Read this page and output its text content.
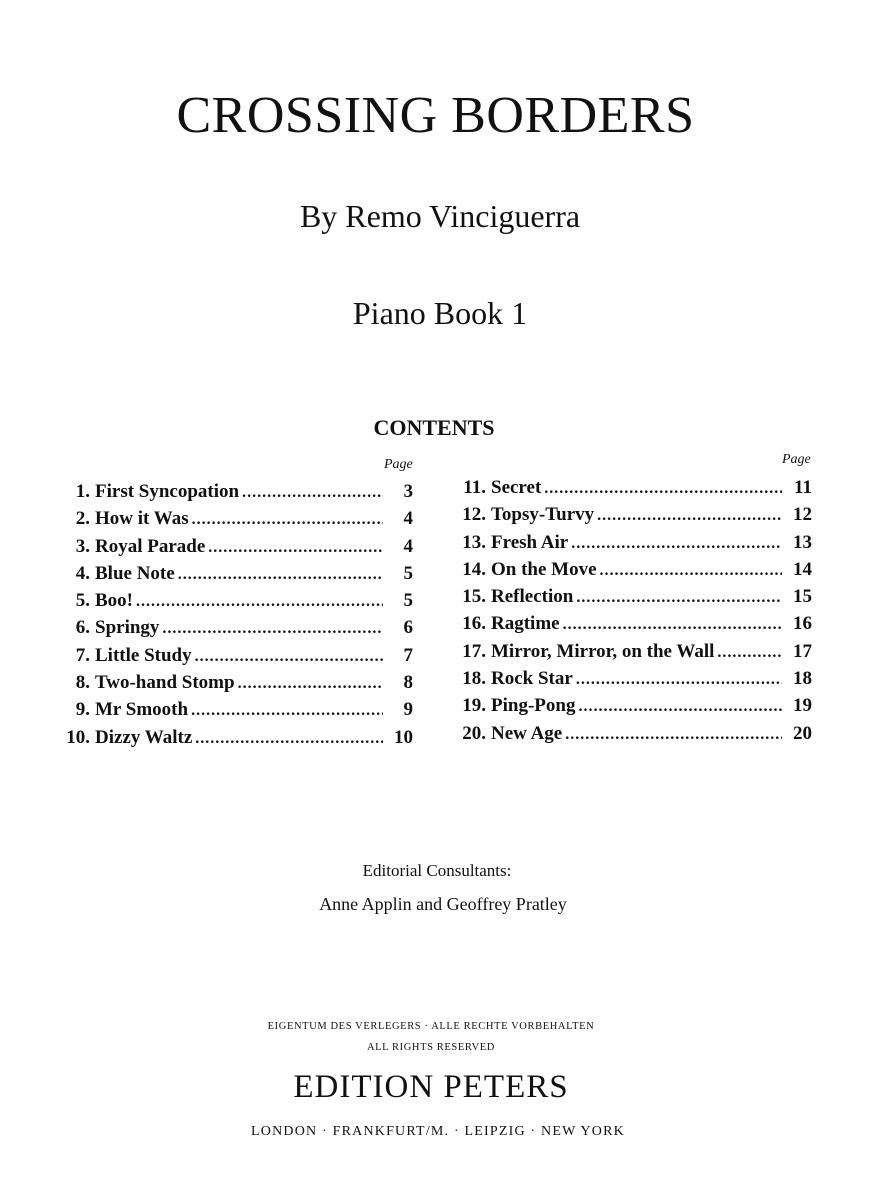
CROSSING BORDERS
By Remo Vinciguerra
Piano Book 1
CONTENTS
Page	Page
1. First Syncopation .....	3
2. How it Was .....	4
3. Royal Parade .....	4
4. Blue Note .....	5
5. Boo! .....	5
6. Springy .....	6
7. Little Study .....	7
8. Two-hand Stomp .....	8
9. Mr Smooth .....	9
10. Dizzy Waltz .....	10
11. Secret .....	11
12. Topsy-Turvy .....	12
13. Fresh Air .....	13
14. On the Move .....	14
15. Reflection .....	15
16. Ragtime .....	16
17. Mirror, Mirror, on the Wall .....	17
18. Rock Star .....	18
19. Ping-Pong .....	19
20. New Age .....	20
Editorial Consultants:
Anne Applin and Geoffrey Pratley
EIGENTUM DES VERLEGERS · ALLE RECHTE VORBEHALTEN
ALL RIGHTS RESERVED
EDITION PETERS
LONDON · FRANKFURT/M. · LEIPZIG · NEW YORK
